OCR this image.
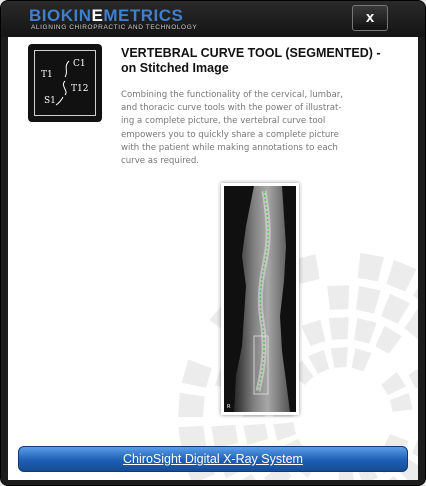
BIOKINEMETRICS
ALIGNING CHIROPRACTIC AND TECHNOLOGY
x
T1
C1
T12
S1
VERTEBRAL CURVE TOOL (SEGMENTED) -
on Stitched Image
Combining the functionality of the cervical, lumbar,
and thoracic curve tools with the power of illustrat-
ing a complete picture, the vertebral curve tool
empowers you to quickly share a complete picture
with the patient while making annotations to each
curve as required.
R
ChiroSight Digital X-Ray System
